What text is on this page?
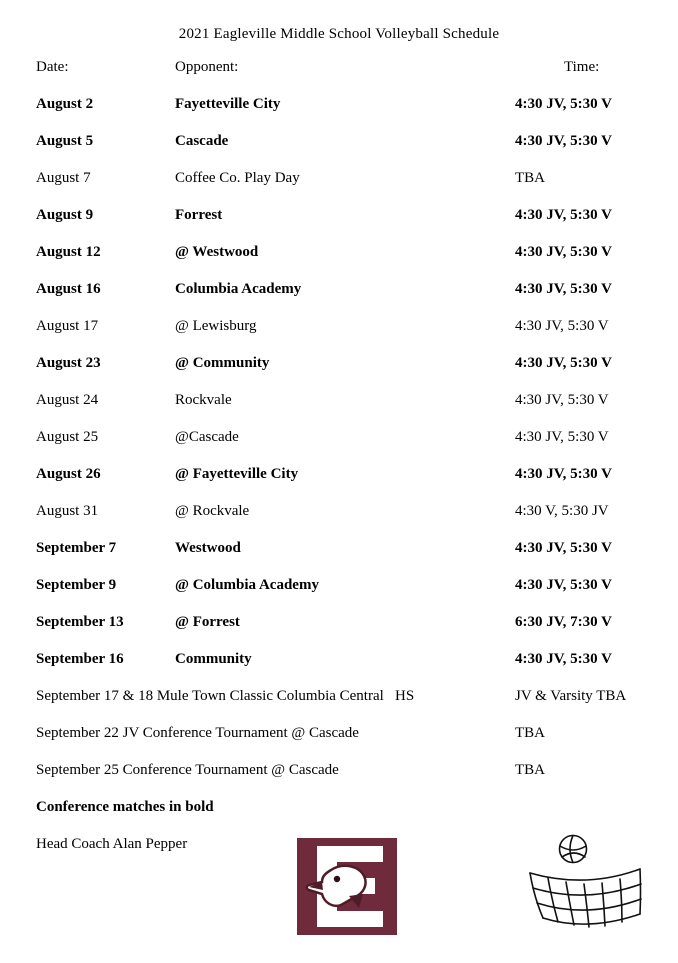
2021 Eagleville Middle School Volleyball Schedule
Date:	Opponent:	Time:
August 2	Fayetteville City	4:30 JV, 5:30 V
August 5	Cascade	4:30 JV, 5:30 V
August 7	Coffee Co. Play Day	TBA
August 9	Forrest	4:30 JV, 5:30 V
August 12	@ Westwood	4:30 JV, 5:30 V
August 16	Columbia Academy	4:30 JV, 5:30 V
August 17	@ Lewisburg	4:30 JV, 5:30 V
August 23	@ Community	4:30 JV, 5:30 V
August 24	Rockvale	4:30 JV, 5:30 V
August 25	@Cascade	4:30 JV, 5:30 V
August 26	@ Fayetteville City	4:30 JV, 5:30 V
August 31	@ Rockvale	4:30 V, 5:30 JV
September 7	Westwood	4:30 JV, 5:30 V
September 9	@ Columbia Academy	4:30 JV, 5:30 V
September 13	@ Forrest	6:30 JV, 7:30 V
September 16	Community	4:30 JV, 5:30 V
September 17 & 18 Mule Town Classic Columbia Central   HS	JV & Varsity TBA
September 22 JV Conference Tournament @ Cascade	TBA
September 25 Conference Tournament @ Cascade	TBA
Conference matches in bold
Head Coach Alan Pepper
